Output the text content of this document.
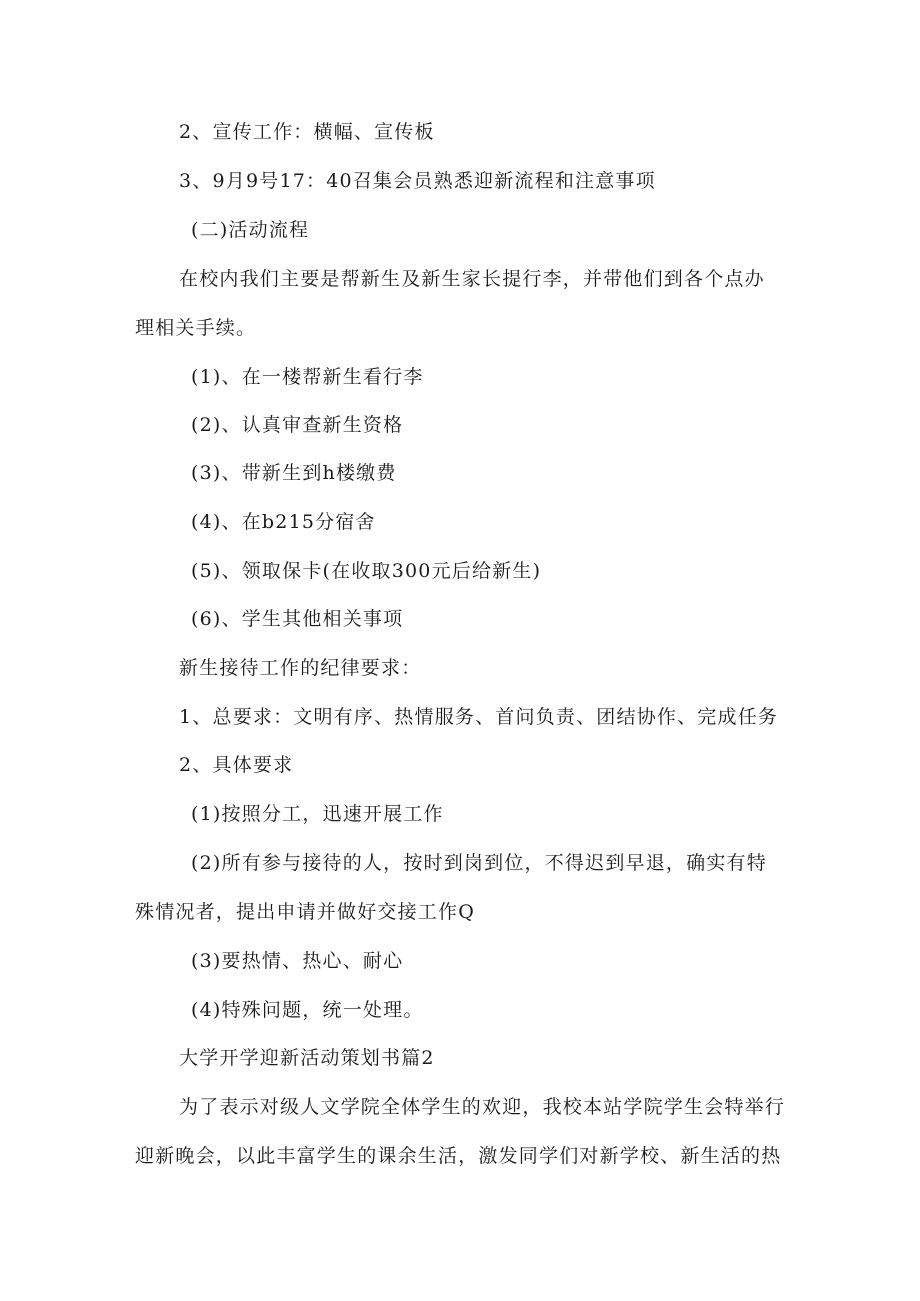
2、宣传工作：横幅、宣传板
3、9月9号17：40召集会员熟悉迎新流程和注意事项
(二)活动流程
在校内我们主要是帮新生及新生家长提行李，并带他们到各个点办
理相关手续。
(1)、在一楼帮新生看行李
(2)、认真审查新生资格
(3)、带新生到h楼缴费
(4)、在b215分宿舍
(5)、领取保卡(在收取300元后给新生)
(6)、学生其他相关事项
新生接待工作的纪律要求：
1、总要求：文明有序、热情服务、首问负责、团结协作、完成任务
2、具体要求
(1)按照分工，迅速开展工作
(2)所有参与接待的人，按时到岗到位，不得迟到早退，确实有特
殊情况者，提出申请并做好交接工作Q
(3)要热情、热心、耐心
(4)特殊问题，统一处理。
大学开学迎新活动策划书篇2
为了表示对级人文学院全体学生的欢迎，我校本站学院学生会特举行
迎新晚会，以此丰富学生的课余生活，激发同学们对新学校、新生活的热
